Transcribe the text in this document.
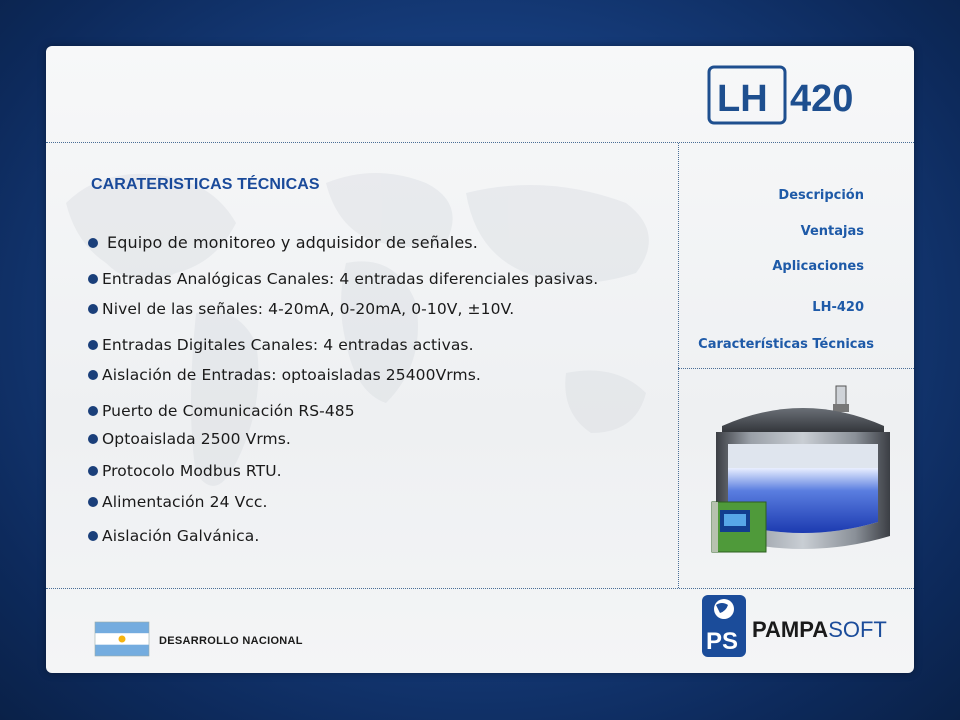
LH 420
CARATERISTICAS TÉCNICAS
Equipo de monitoreo y adquisidor de señales.
Entradas Analógicas Canales: 4 entradas diferenciales pasivas.
Nivel de las señales: 4-20mA, 0-20mA, 0-10V, ±10V.
Entradas Digitales Canales: 4 entradas activas.
Aislación de Entradas: optoaisladas 25400Vrms.
Puerto de Comunicación RS-485
Optoaislada 2500 Vrms.
Protocolo Modbus RTU.
Alimentación 24 Vcc.
Aislación Galvánica.
Descripción
Ventajas
Aplicaciones
LH-420
Características Técnicas
DESARROLLO NACIONAL	PS PAMPASOFT
